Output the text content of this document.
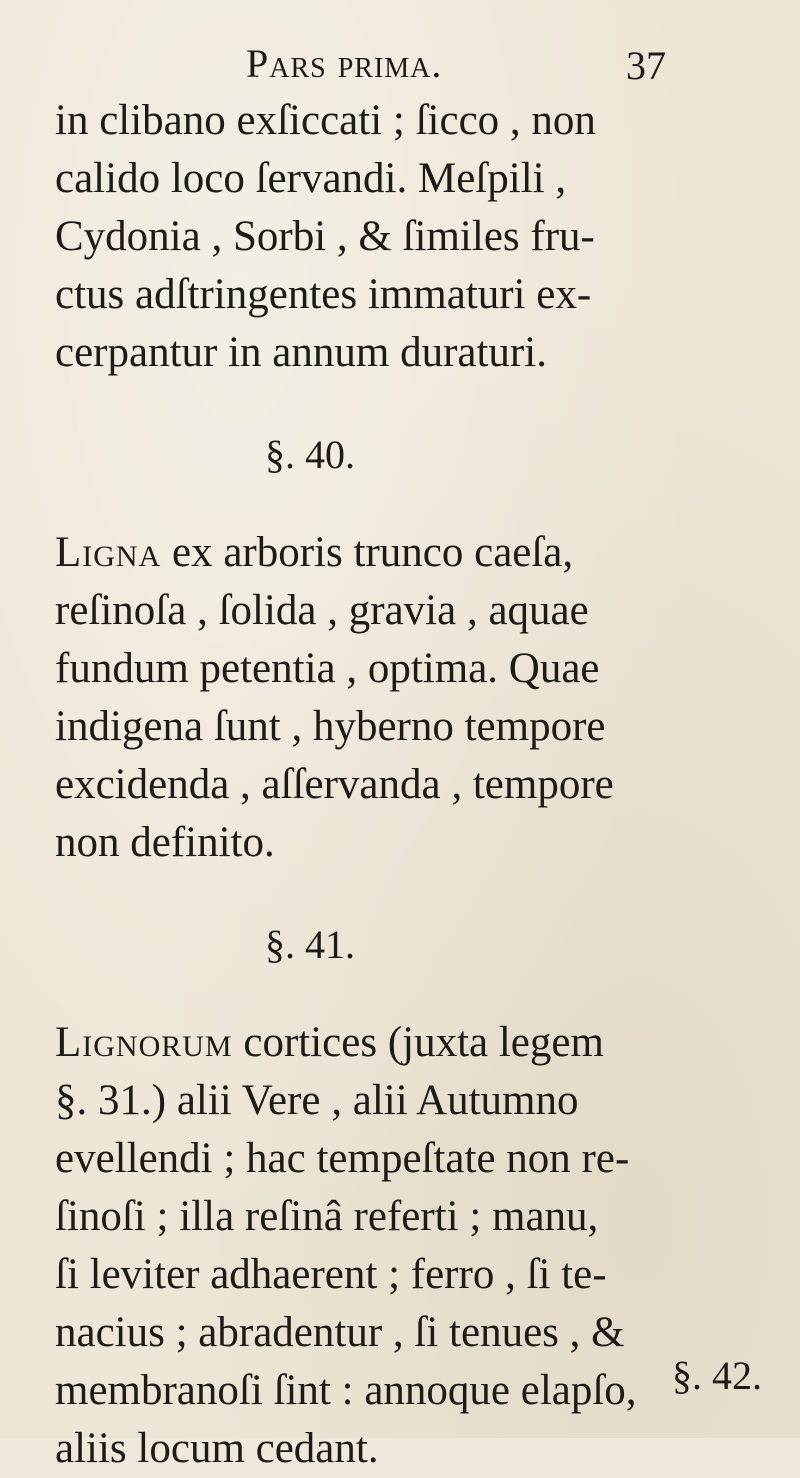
Pars prima.	37
in clibano exſiccati ; ſicco , non
calido loco ſervandi. Meſpili ,
Cydonia , Sorbi , & ſimiles fru-
ctus adſtringentes immaturi ex-
cerpantur in annum duraturi.
§. 40.
Ligna ex arboris trunco caeſa,
reſinoſa , ſolida , gravia , aquae
fundum petentia , optima. Quae
indigena ſunt , hyberno tempore
excidenda , aſſervanda , tempore
non definito.
§. 41.
Lignorum cortices (juxta legem
§. 31.) alii Vere , alii Autumno
evellendi ; hac tempeſtate non re-
ſinoſi ; illa reſinâ referti ; manu,
ſi leviter adhaerent ; ferro , ſi te-
nacius ; abradentur , ſi tenues , &
membranoſi ſint : annoque elapſo,
aliis locum cedant.
§. 42.
